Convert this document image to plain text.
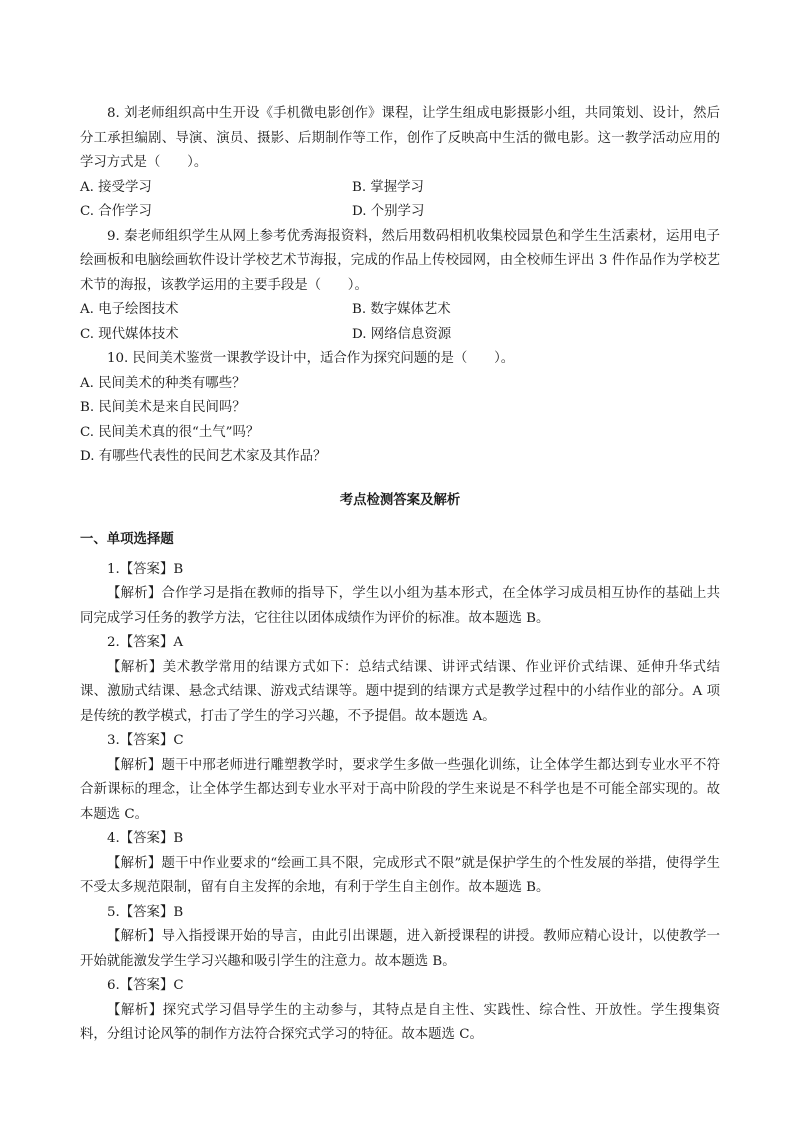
8. 刘老师组织高中生开设《手机微电影创作》课程，让学生组成电影摄影小组，共同策划、设计，然后分工承担编剧、导演、演员、摄影、后期制作等工作，创作了反映高中生活的微电影。这一教学活动应用的学习方式是（　　）。

A. 接受学习	B. 掌握学习
C. 合作学习	D. 个别学习

9. 秦老师组织学生从网上参考优秀海报资料，然后用数码相机收集校园景色和学生生活素材，运用电子绘画板和电脑绘画软件设计学校艺术节海报，完成的作品上传校园网，由全校师生评出 3 件作品作为学校艺术节的海报，该教学运用的主要手段是（　　）。

A. 电子绘图技术	B. 数字媒体艺术
C. 现代媒体技术	D. 网络信息资源

10. 民间美术鉴赏一课教学设计中，适合作为探究问题的是（　　）。

A. 民间美术的种类有哪些？

B. 民间美术是来自民间吗？

C. 民间美术真的很“土气”吗？

D. 有哪些代表性的民间艺术家及其作品？

考点检测答案及解析
一、单项选择题

1.【答案】B

【解析】合作学习是指在教师的指导下，学生以小组为基本形式，在全体学习成员相互协作的基础上共同完成学习任务的教学方法，它往往以团体成绩作为评价的标准。故本题选 B。

2.【答案】A

【解析】美术教学常用的结课方式如下：总结式结课、讲评式结课、作业评价式结课、延伸升华式结课、激励式结课、悬念式结课、游戏式结课等。题中提到的结课方式是教学过程中的小结作业的部分。A 项是传统的教学模式，打击了学生的学习兴趣，不予提倡。故本题选 A。

3.【答案】C

【解析】题干中邢老师进行雕塑教学时，要求学生多做一些强化训练，让全体学生都达到专业水平不符合新课标的理念，让全体学生都达到专业水平对于高中阶段的学生来说是不科学也是不可能全部实现的。故本题选 C。

4.【答案】B

【解析】题干中作业要求的“绘画工具不限，完成形式不限”就是保护学生的个性发展的举措，使得学生不受太多规范限制，留有自主发挥的余地，有利于学生自主创作。故本题选 B。

5.【答案】B

【解析】导入指授课开始的导言，由此引出课题，进入新授课程的讲授。教师应精心设计，以使教学一开始就能激发学生学习兴趣和吸引学生的注意力。故本题选 B。

6.【答案】C

【解析】探究式学习倡导学生的主动参与，其特点是自主性、实践性、综合性、开放性。学生搜集资料，分组讨论风筝的制作方法符合探究式学习的特征。故本题选 C。
